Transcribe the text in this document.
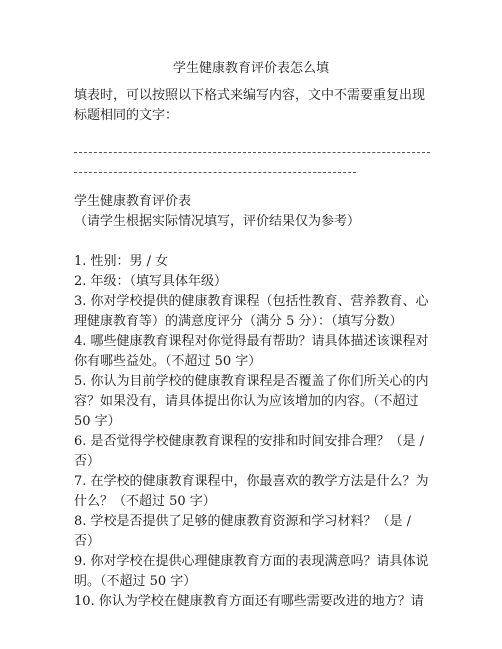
学生健康教育评价表怎么填

填表时，可以按照以下格式来编写内容，文中不需要重复出现标题相同的文字：

学生健康教育评价表

（请学生根据实际情况填写，评价结果仅为参考）

1. 性别：男 / 女
2. 年级：（填写具体年级）
3. 你对学校提供的健康教育课程（包括性教育、营养教育、心理健康教育等）的满意度评分（满分 5 分）：（填写分数）
4. 哪些健康教育课程对你觉得最有帮助？请具体描述该课程对你有哪些益处。（不超过 50 字）
5. 你认为目前学校的健康教育课程是否覆盖了你们所关心的内容？如果没有，请具体提出你认为应该增加的内容。（不超过 50 字）
6. 是否觉得学校健康教育课程的安排和时间安排合理？（是 / 否）
7. 在学校的健康教育课程中，你最喜欢的教学方法是什么？为什么？（不超过 50 字）
8. 学校是否提供了足够的健康教育资源和学习材料？（是 / 否）
9. 你对学校在提供心理健康教育方面的表现满意吗？请具体说明。（不超过 50 字）
10. 你认为学校在健康教育方面还有哪些需要改进的地方？请
